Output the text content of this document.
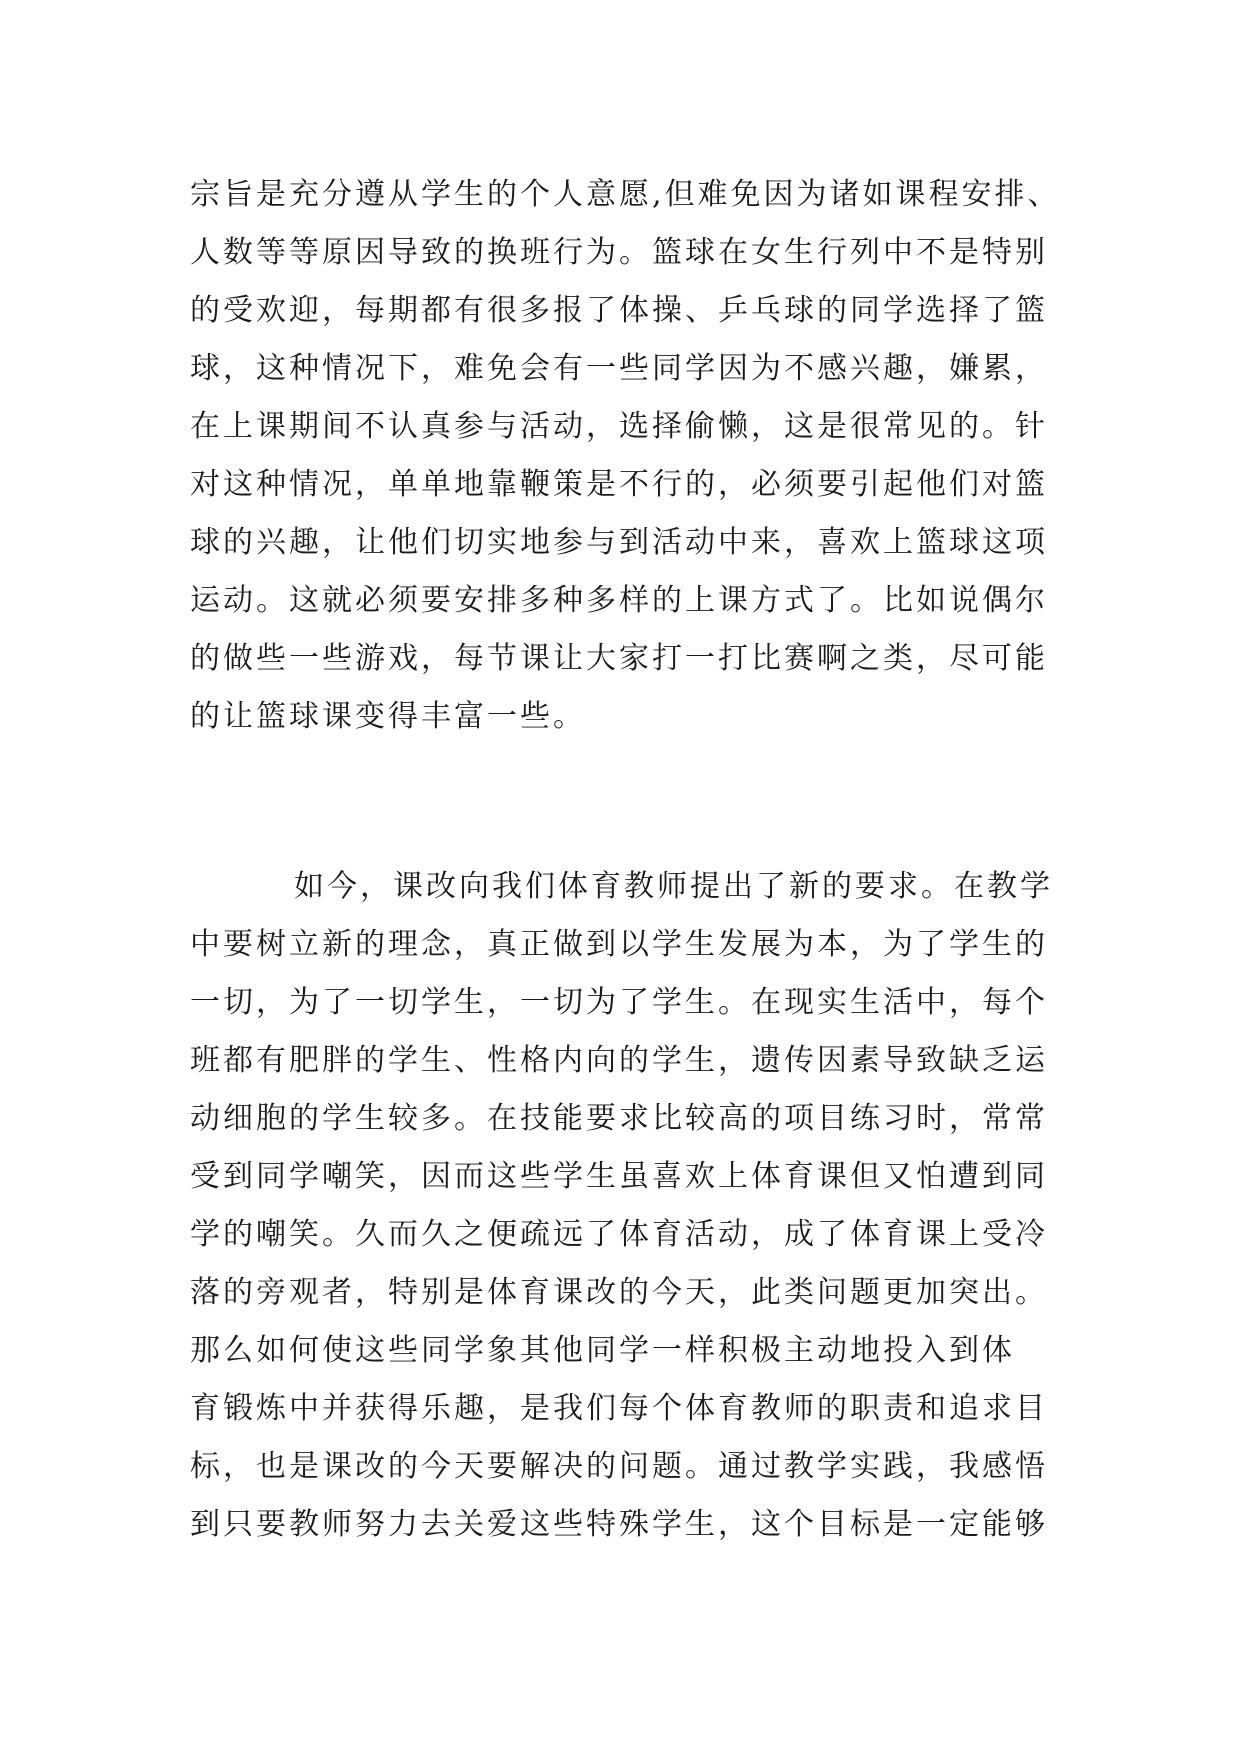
宗旨是充分遵从学生的个人意愿,但难免因为诸如课程安排、
人数等等原因导致的换班行为。篮球在女生行列中不是特别
的受欢迎，每期都有很多报了体操、乒乓球的同学选择了篮
球，这种情况下，难免会有一些同学因为不感兴趣，嫌累，
在上课期间不认真参与活动，选择偷懒，这是很常见的。针
对这种情况，单单地靠鞭策是不行的，必须要引起他们对篮
球的兴趣，让他们切实地参与到活动中来，喜欢上篮球这项
运动。这就必须要安排多种多样的上课方式了。比如说偶尔
的做些一些游戏，每节课让大家打一打比赛啊之类，尽可能
的让篮球课变得丰富一些。
如今，课改向我们体育教师提出了新的要求。在教学
中要树立新的理念，真正做到以学生发展为本，为了学生的
一切，为了一切学生，一切为了学生。在现实生活中，每个
班都有肥胖的学生、性格内向的学生，遗传因素导致缺乏运
动细胞的学生较多。在技能要求比较高的项目练习时，常常
受到同学嘲笑，因而这些学生虽喜欢上体育课但又怕遭到同
学的嘲笑。久而久之便疏远了体育活动，成了体育课上受冷
落的旁观者，特别是体育课改的今天，此类问题更加突出。
那么如何使这些同学象其他同学一样积极主动地投入到体
育锻炼中并获得乐趣，是我们每个体育教师的职责和追求目
标，也是课改的今天要解决的问题。通过教学实践，我感悟
到只要教师努力去关爱这些特殊学生，这个目标是一定能够
